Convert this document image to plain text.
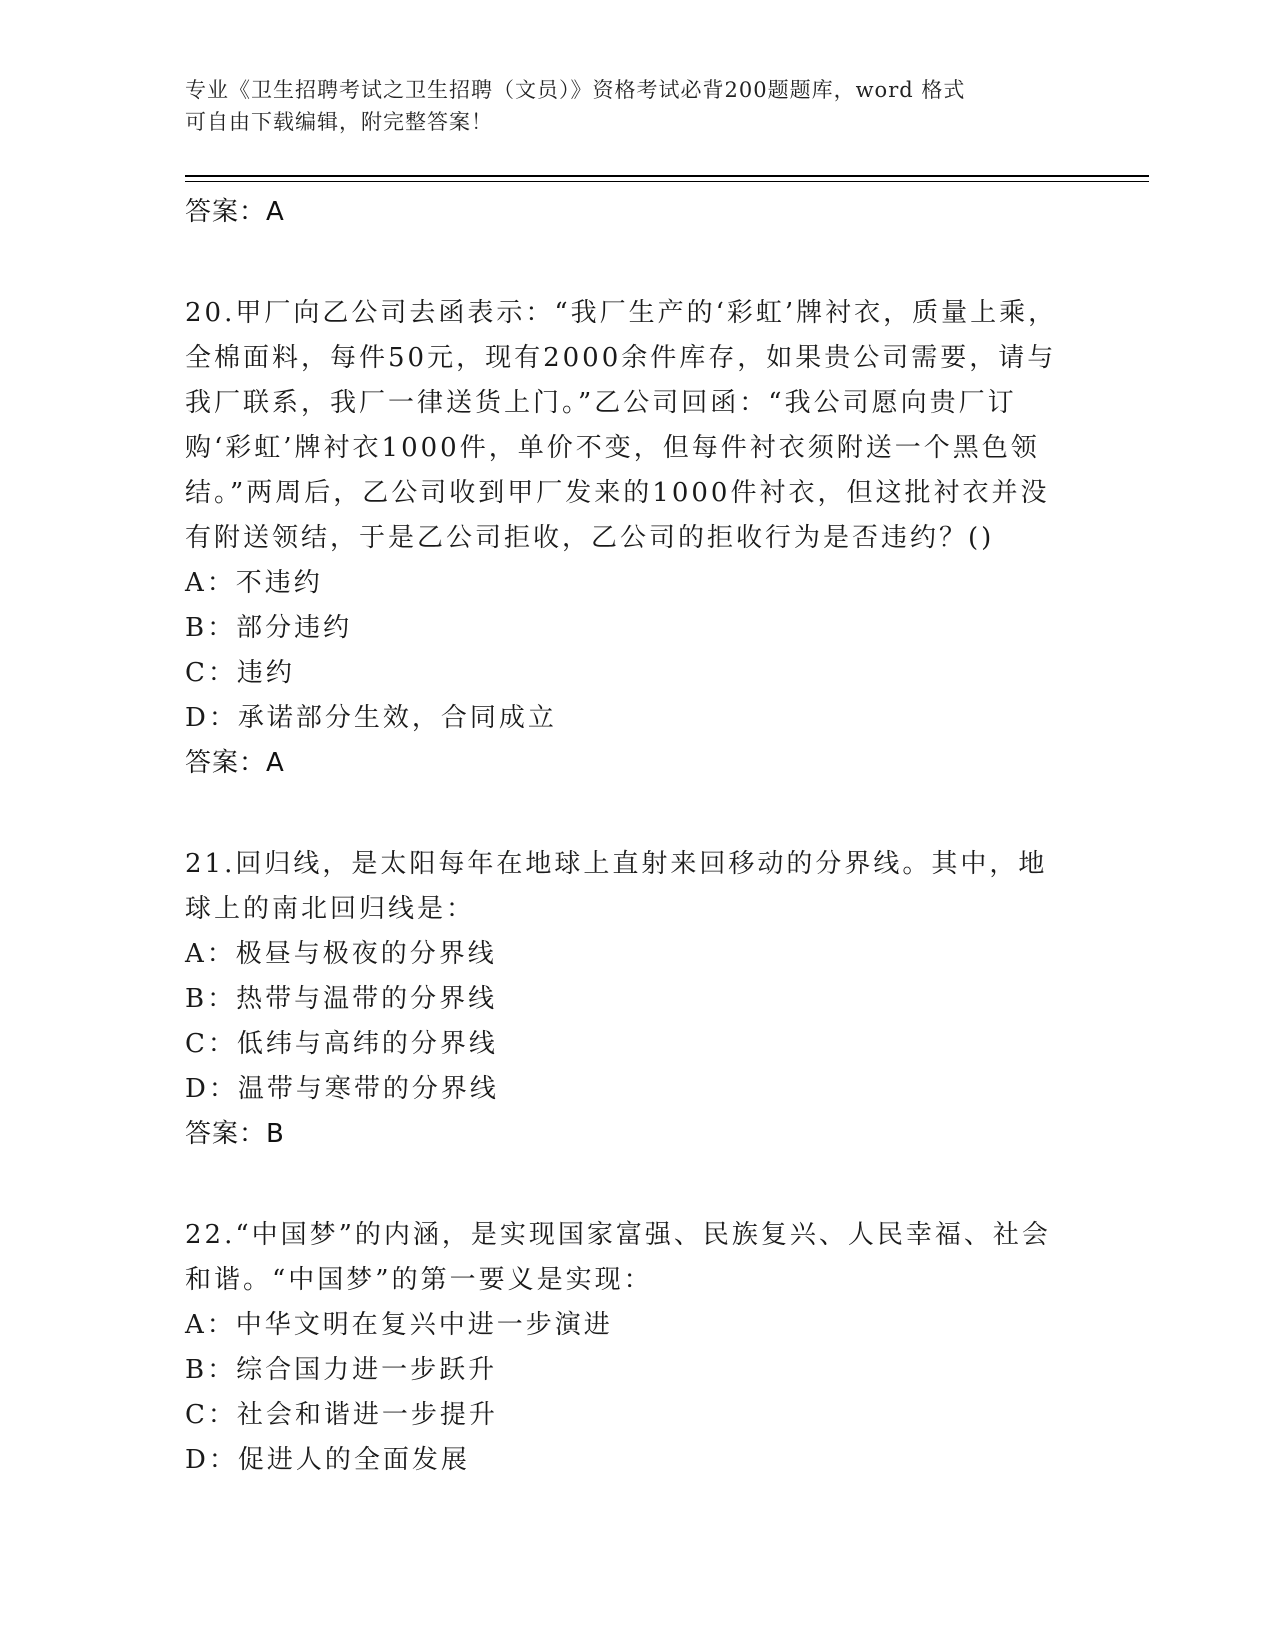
专业《卫生招聘考试之卫生招聘（文员）》资格考试必背200题题库，word 格式
可自由下载编辑，附完整答案！
答案：A

20.甲厂向乙公司去函表示：“我厂生产的‘彩虹’牌衬衣，质量上乘，全棉面料，每件50元，现有2000余件库存，如果贵公司需要，请与我厂联系，我厂一律送货上门。”乙公司回函：“我公司愿向贵厂订购‘彩虹’牌衬衣1000件，单价不变，但每件衬衣须附送一个黑色领结。”两周后，乙公司收到甲厂发来的1000件衬衣，但这批衬衣并没有附送领结，于是乙公司拒收，乙公司的拒收行为是否违约？()

A：不违约
B：部分违约
C：违约
D：承诺部分生效，合同成立
答案：A

21.回归线，是太阳每年在地球上直射来回移动的分界线。其中，地球上的南北回归线是：

A：极昼与极夜的分界线
B：热带与温带的分界线
C：低纬与高纬的分界线
D：温带与寒带的分界线
答案：B

22.“中国梦”的内涵，是实现国家富强、民族复兴、人民幸福、社会和谐。“中国梦”的第一要义是实现：

A：中华文明在复兴中进一步演进
B：综合国力进一步跃升
C：社会和谐进一步提升
D：促进人的全面发展
